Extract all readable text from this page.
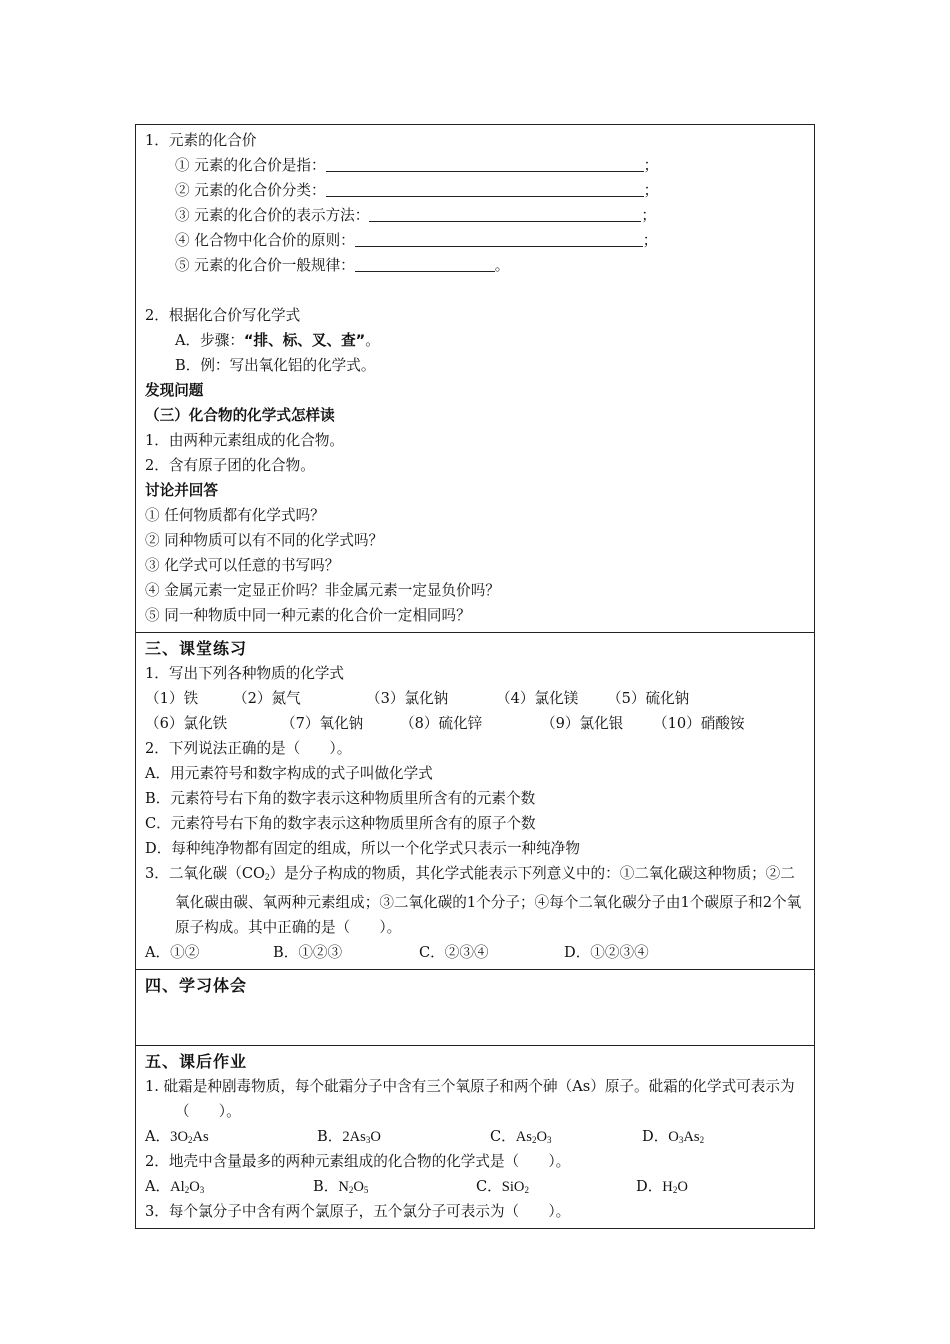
1．元素的化合价
① 元素的化合价是指：	；
② 元素的化合价分类：	；
③ 元素的化合价的表示方法：	；
④ 化合物中化合价的原则：	；
⑤ 元素的化合价一般规律：	。
2．根据化合价写化学式
A．步骤：“排、标、叉、查”。
B．例：写出氧化铝的化学式。
发现问题
（三）化合物的化学式怎样读
1．由两种元素组成的化合物。
2．含有原子团的化合物。
讨论并回答
① 任何物质都有化学式吗？
② 同种物质可以有不同的化学式吗？
③ 化学式可以任意的书写吗？
④ 金属元素一定显正价吗？非金属元素一定显负价吗？
⑤ 同一种物质中同一种元素的化合价一定相同吗？
三、课堂练习
1．写出下列各种物质的化学式
（1）铁	（2）氮气	（3）氯化钠	（4）氯化镁	（5）硫化钠
（6）氯化铁	（7）氧化钠	（8）硫化锌	（9）氯化银	（10）硝酸铵
2．下列说法正确的是（　　）。
A．用元素符号和数字构成的式子叫做化学式
B．元素符号右下角的数字表示这种物质里所含有的元素个数
C．元素符号右下角的数字表示这种物质里所含有的原子个数
D．每种纯净物都有固定的组成，所以一个化学式只表示一种纯净物
3．二氧化碳$(CO_2)$是分子构成的物质，其化学式能表示下列意义中的：①二氧化碳这种物质；②二氧化碳由碳、氧两种元素组成；③二氧化碳的1个分子；④每个二氧化碳分子由1个碳原子和2个氧原子构成。其中正确的是（　　）。
A．①②	B．①②③	C．②③④	D．①②③④
四、学习体会
五、课后作业
1. 砒霜是种剧毒物质，每个砒霜分子中含有三个氧原子和两个砷（As）原子。砒霜的化学式可表示为（　　）。
A．$3O_2As$	B．$2As_3O$	C．$As_2O_3$	D．$O_3As_2$
2．地壳中含量最多的两种元素组成的化合物的化学式是（　　）。
A．$Al_2O_3$	B．$N_2O_5$	C．SiO$_2$	D．$H_2O$
3．每个氯分子中含有两个氯原子，五个氯分子可表示为（　　）。
